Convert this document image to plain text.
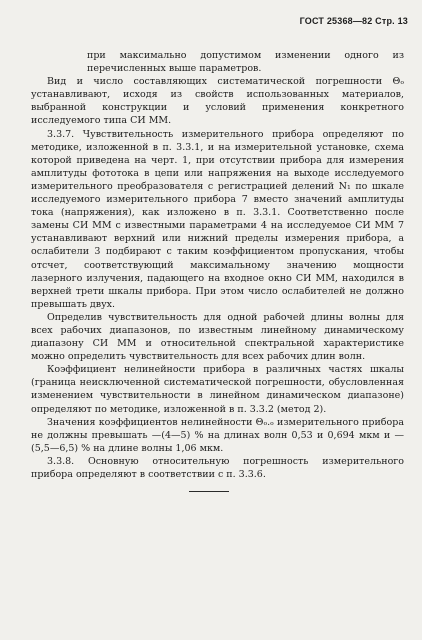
ГОСТ 25368—82 Стр. 13

при максимально допустимом изменении одного из перечисленных выше параметров.

Вид и число составляющих систематической погрешности Θₒ устанавливают, исходя из свойств использованных материалов, выбранной конструкции и условий применения конкретного исследуемого типа СИ ММ.

3.3.7. Чувствительность измерительного прибора определяют по методике, изложенной в п. 3.3.1, и на измерительной установке, схема которой приведена на черт. 1, при отсутствии прибора для измерения амплитуды фототока в цепи или напряжения на выходе исследуемого измерительного преобразователя с регистрацией делений N₁ по шкале исследуемого измерительного прибора 7 вместо значений амплитуды тока (напряжения), как изложено в п. 3.3.1. Соответственно после замены СИ ММ с известными параметрами 4 на исследуемое СИ ММ 7 устанавливают верхний или нижний пределы измерения прибора, а ослабители 3 подбирают с таким коэффициентом пропускания, чтобы отсчет, соответствующий максимальному значению мощности лазерного излучения, падающего на входное окно СИ ММ, находился в верхней трети шкалы прибора. При этом число ослабителей не должно превышать двух.

Определив чувствительность для одной рабочей длины волны для всех рабочих диапазонов, по известным линейному динамическому диапазону СИ ММ и относительной спектральной характеристике можно определить чувствительность для всех рабочих длин волн.

Коэффициент нелинейности прибора в различных частях шкалы (граница неисключенной систематической погрешности, обусловленная изменением чувствительности в линейном динамическом диапазоне) определяют по методике, изложенной в п. 3.3.2 (метод 2).

Значения коэффициентов нелинейности Θₒ.ₒ измерительного прибора не должны превышать —(4—5) % на длинах волн 0,53 и 0,694 мкм и —(5,5—6,5) % на длине волны 1,06 мкм.

3.3.8. Основную относительную погрешность измерительного прибора определяют в соответствии с п. 3.3.6.
